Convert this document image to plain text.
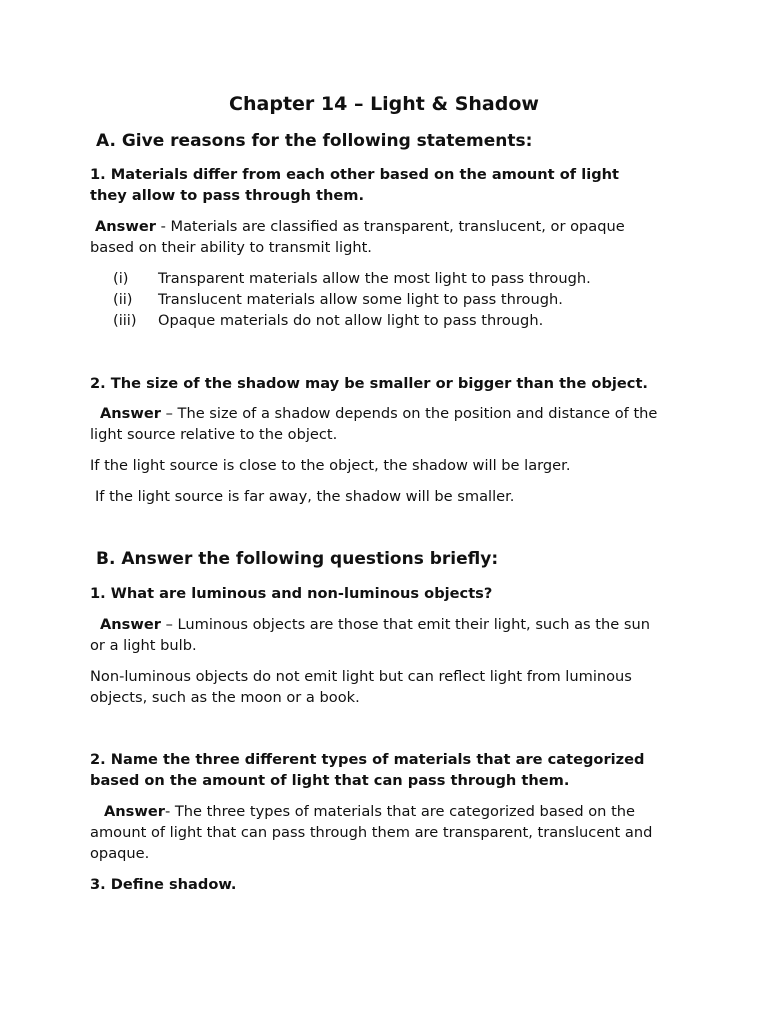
Chapter 14 – Light & Shadow
A. Give reasons for the following statements:

1. Materials differ from each other based on the amount of light

they allow to pass through them.

Answer - Materials are classified as transparent, translucent, or opaque

based on their ability to transmit light.

(i) Transparent materials allow the most light to pass through.
(ii) Translucent materials allow some light to pass through.
(iii) Opaque materials do not allow light to pass through.

2. The size of the shadow may be smaller or bigger than the object.

Answer – The size of a shadow depends on the position and distance of the

light source relative to the object.

If the light source is close to the object, the shadow will be larger.

If the light source is far away, the shadow will be smaller.

B. Answer the following questions briefly:

1. What are luminous and non-luminous objects?

Answer – Luminous objects are those that emit their light, such as the sun

or a light bulb.

Non-luminous objects do not emit light but can reflect light from luminous

objects, such as the moon or a book.

2. Name the three different types of materials that are categorized

based on the amount of light that can pass through them.

Answer- The three types of materials that are categorized based on the

amount of light that can pass through them are transparent, translucent and

opaque.

3. Define shadow.
